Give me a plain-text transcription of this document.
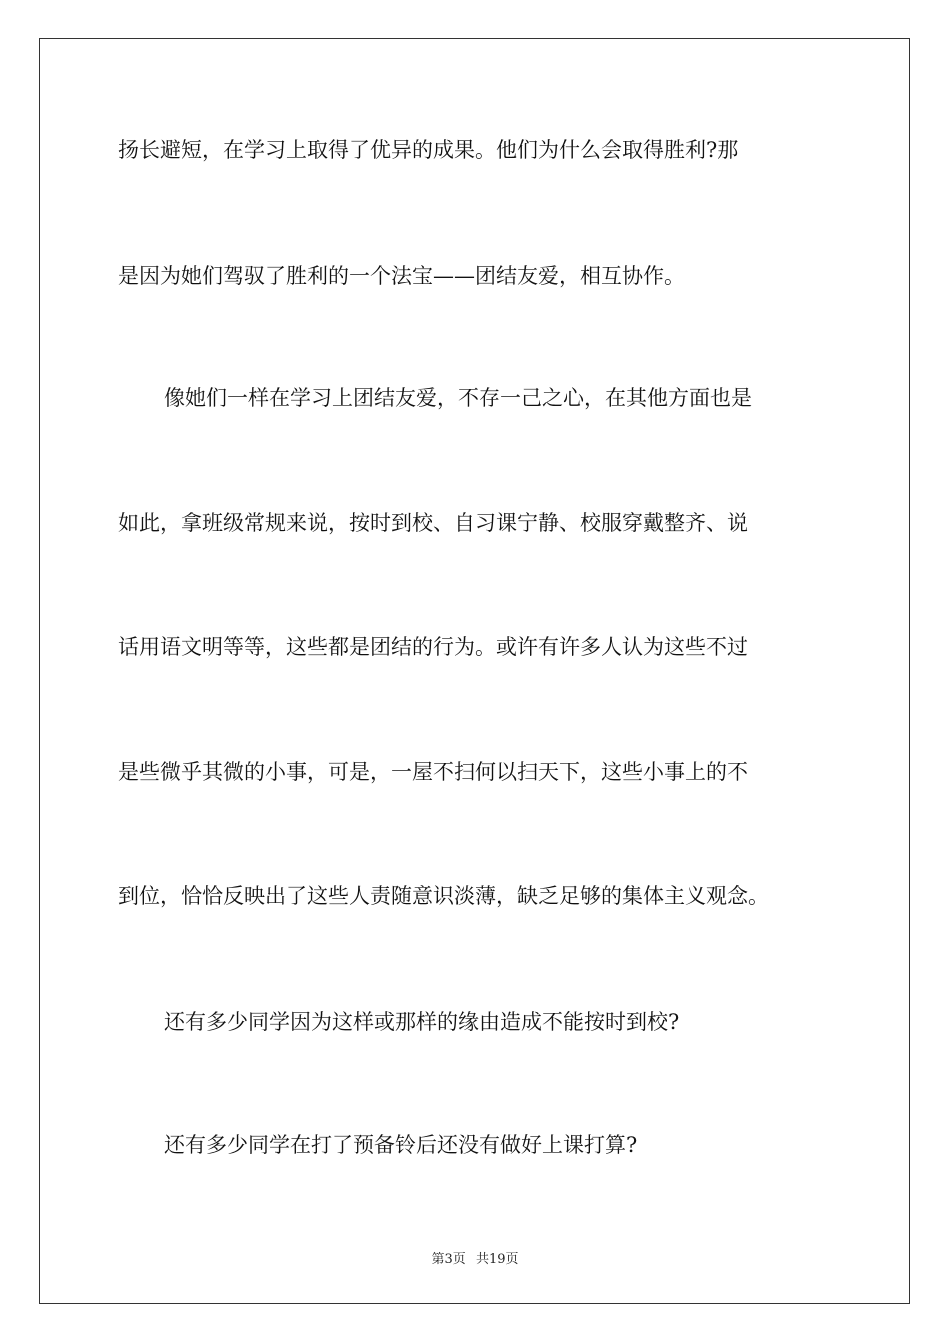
扬长避短，在学习上取得了优异的成果。他们为什么会取得胜利?那
是因为她们驾驭了胜利的一个法宝——团结友爱，相互协作。
像她们一样在学习上团结友爱，不存一己之心，在其他方面也是
如此，拿班级常规来说，按时到校、自习课宁静、校服穿戴整齐、说
话用语文明等等，这些都是团结的行为。或许有许多人认为这些不过
是些微乎其微的小事，可是，一屋不扫何以扫天下，这些小事上的不
到位，恰恰反映出了这些人责随意识淡薄，缺乏足够的集体主义观念。
还有多少同学因为这样或那样的缘由造成不能按时到校?
还有多少同学在打了预备铃后还没有做好上课打算?
第3页 共19页
